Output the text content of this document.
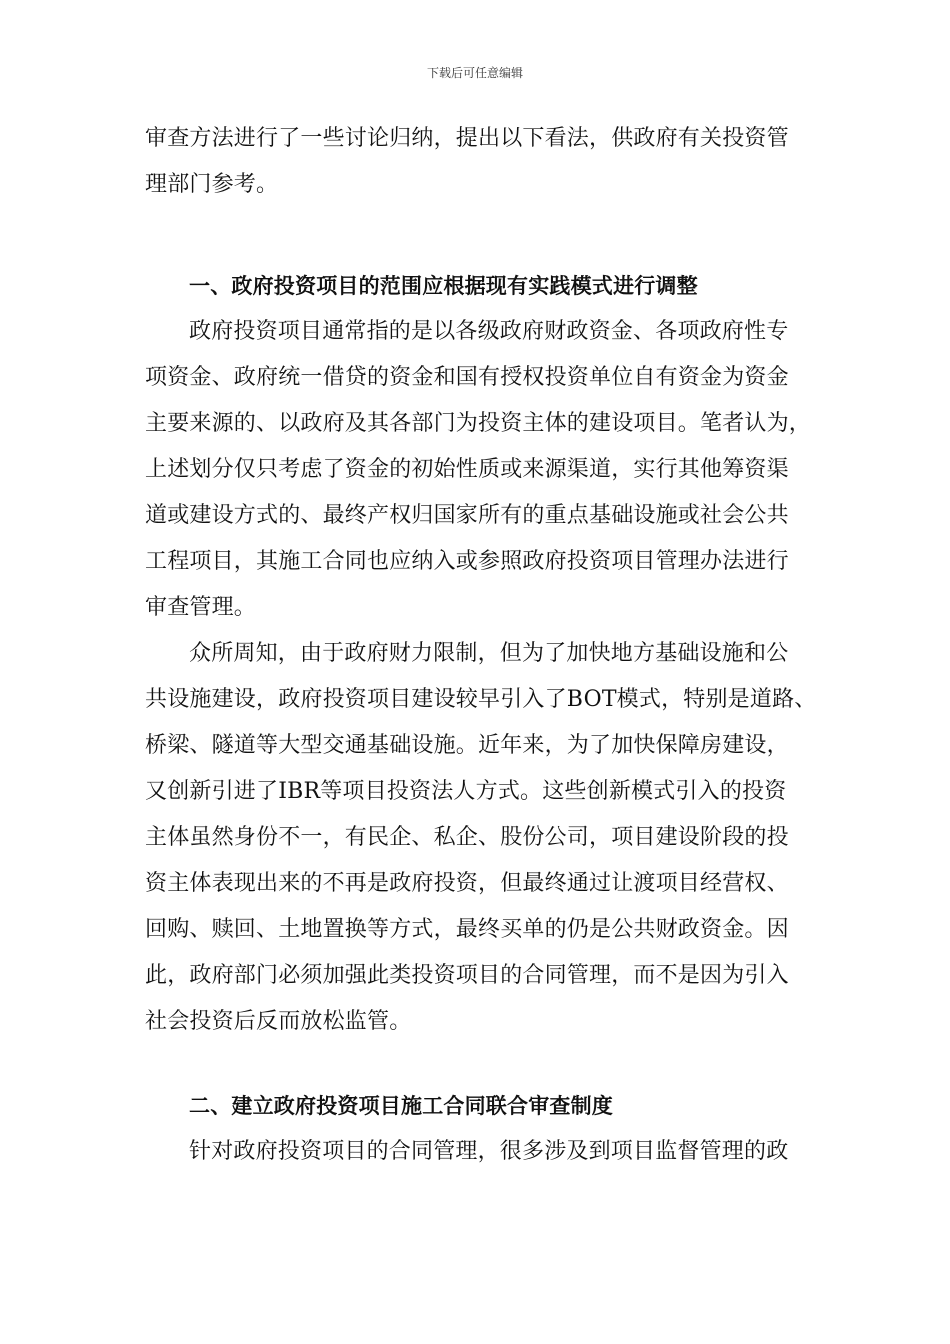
下载后可任意编辑
审查方法进行了一些讨论归纳，提出以下看法，供政府有关投资管
理部门参考。
一、政府投资项目的范围应根据现有实践模式进行调整
政府投资项目通常指的是以各级政府财政资金、各项政府性专
项资金、政府统一借贷的资金和国有授权投资单位自有资金为资金
主要来源的、以政府及其各部门为投资主体的建设项目。笔者认为，
上述划分仅只考虑了资金的初始性质或来源渠道，实行其他筹资渠
道或建设方式的、最终产权归国家所有的重点基础设施或社会公共
工程项目，其施工合同也应纳入或参照政府投资项目管理办法进行
审查管理。
众所周知，由于政府财力限制，但为了加快地方基础设施和公
共设施建设，政府投资项目建设较早引入了BOT模式，特别是道路、
桥梁、隧道等大型交通基础设施。近年来，为了加快保障房建设，
又创新引进了IBR等项目投资法人方式。这些创新模式引入的投资
主体虽然身份不一，有民企、私企、股份公司，项目建设阶段的投
资主体表现出来的不再是政府投资，但最终通过让渡项目经营权、
回购、赎回、土地置换等方式，最终买单的仍是公共财政资金。因
此，政府部门必须加强此类投资项目的合同管理，而不是因为引入
社会投资后反而放松监管。
二、建立政府投资项目施工合同联合审查制度
针对政府投资项目的合同管理，很多涉及到项目监督管理的政
